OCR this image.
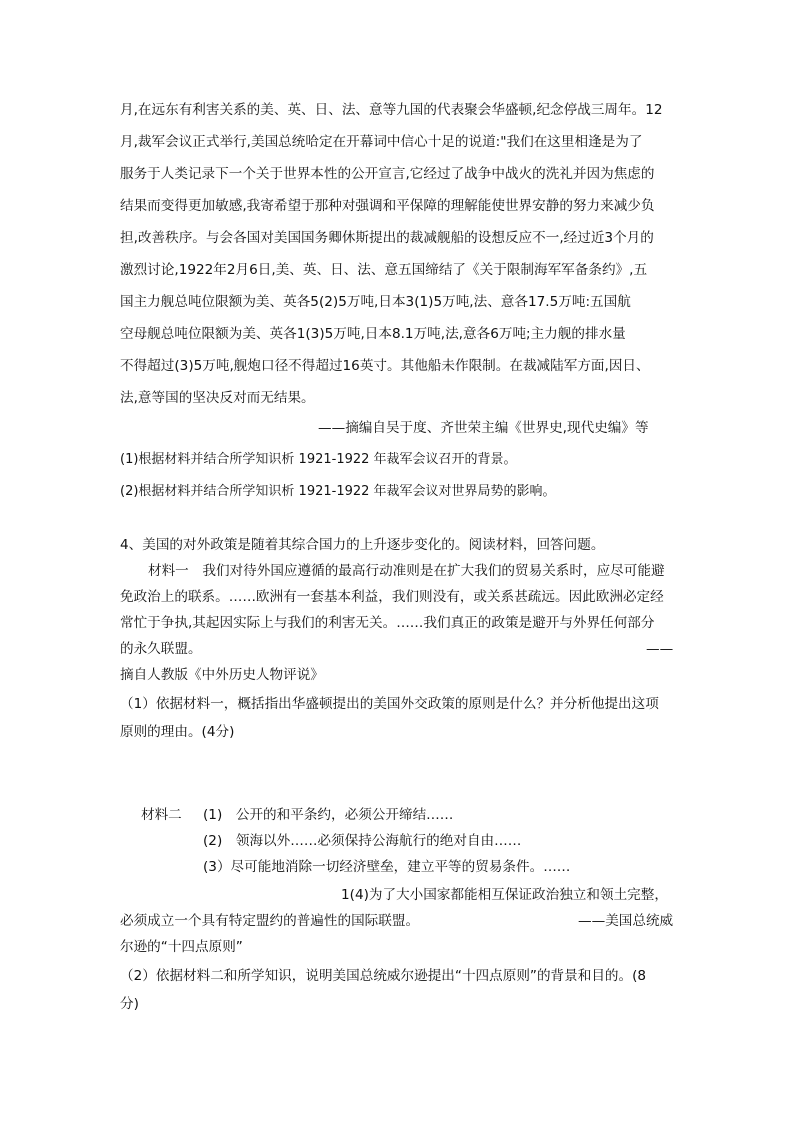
月,在远东有利害关系的美、英、日、法、意等九国的代表聚会华盛顿,纪念停战三周年。12
月,裁军会议正式举行,美国总统哈定在开幕词中信心十足的说道:"我们在这里相逢是为了
服务于人类记录下一个关于世界本性的公开宣言,它经过了战争中战火的洗礼并因为焦虑的
结果而变得更加敏感,我寄希望于那种对强调和平保障的理解能使世界安静的努力来减少负
担,改善秩序。与会各国对美国国务卿休斯提出的裁减舰船的设想反应不一,经过近3个月的
激烈讨论,1922年2月6日,美、英、日、法、意五国缔结了《关于限制海军军备条约》,五
国主力舰总吨位限额为美、英各5(2)5万吨,日本3(1)5万吨,法、意各17.5万吨:五国航
空母舰总吨位限额为美、英各1(3)5万吨,日本8.1万吨,法,意各6万吨;主力舰的排水量
不得超过(3)5万吨,舰炮口径不得超过16英寸。其他船未作限制。在裁减陆军方面,因日、
法,意等国的坚决反对而无结果。
——摘编自吴于度、齐世荣主编《世界史,现代史编》等
(1)根据材料并结合所学知识析 1921-1922 年裁军会议召开的背景。
(2)根据材料并结合所学知识析 1921-1922 年裁军会议对世界局势的影响。
4、美国的对外政策是随着其综合国力的上升逐步变化的。阅读材料，回答问题。
材料一　我们对待外国应遵循的最高行动准则是在扩大我们的贸易关系时，应尽可能避
免政治上的联系。……欧洲有一套基本利益，我们则没有，或关系甚疏远。因此欧洲必定经
常忙于争执,其起因实际上与我们的利害无关。……我们真正的政策是避开与外界任何部分
的永久联盟。	——
摘自人教版《中外历史人物评说》
（1）依据材料一，概括指出华盛顿提出的美国外交政策的原则是什么？并分析他提出这项
原则的理由。(4分)
材料二 (1)　公开的和平条约，必须公开缔结……
(2)　领海以外……必须保持公海航行的绝对自由……
(3）尽可能地消除一切经济壁垒，建立平等的贸易条件。……
1(4)为了大小国家都能相互保证政治独立和领土完整，
必须成立一个具有特定盟约的普遍性的国际联盟。	——美国总统威
尔逊的“十四点原则”
（2）依据材料二和所学知识，说明美国总统威尔逊提出“十四点原则”的背景和目的。(8
分)
